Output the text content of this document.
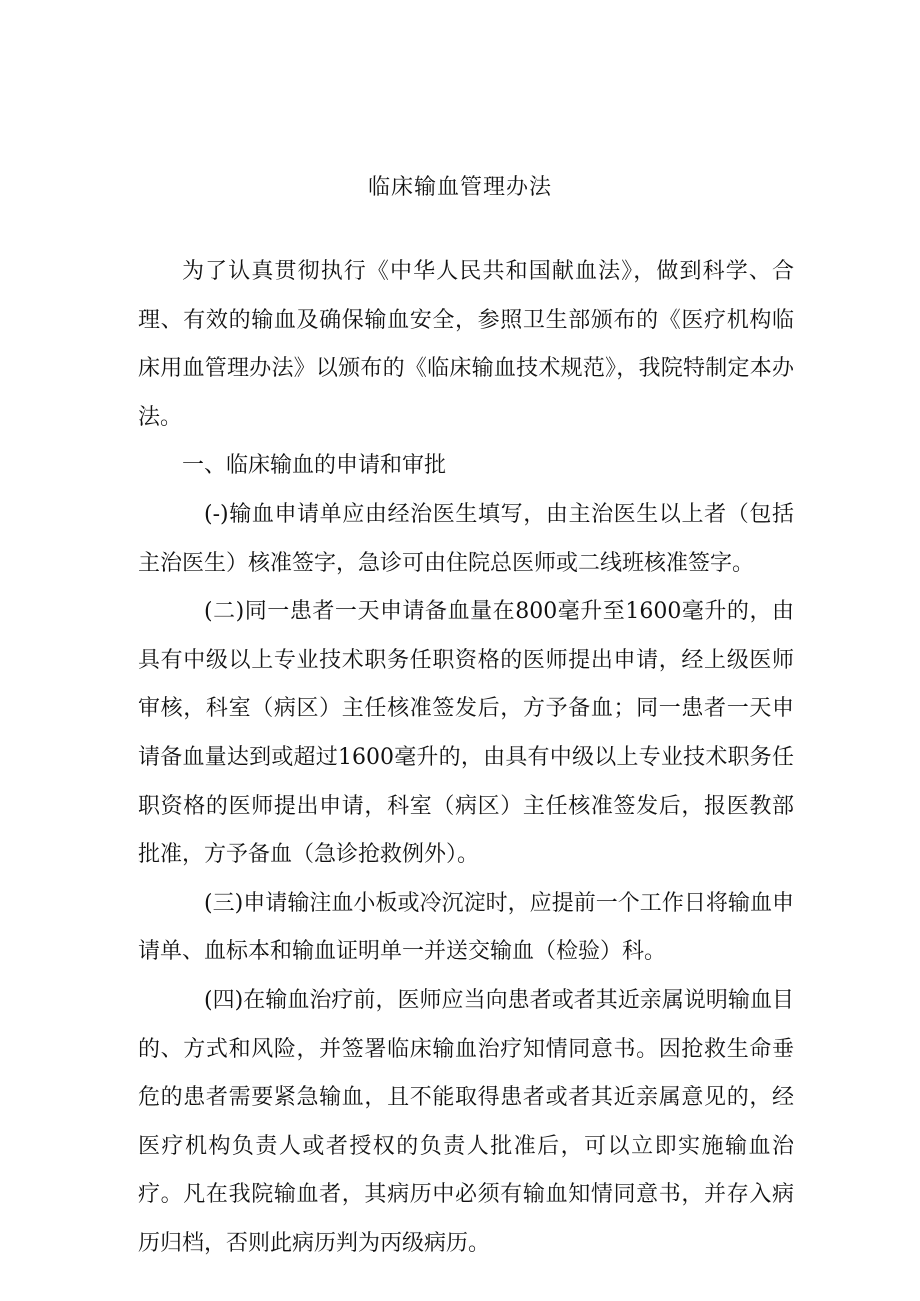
临床输血管理办法

为了认真贯彻执行《中华人民共和国献血法》，做到科学、合理、有效的输血及确保输血安全，参照卫生部颁布的《医疗机构临床用血管理办法》以颁布的《临床输血技术规范》，我院特制定本办法。

一、临床输血的申请和审批

(-)输血申请单应由经治医生填写，由主治医生以上者（包括主治医生）核准签字，急诊可由住院总医师或二线班核准签字。

(二)同一患者一天申请备血量在800毫升至1600毫升的，由具有中级以上专业技术职务任职资格的医师提出申请，经上级医师审核，科室（病区）主任核准签发后，方予备血；同一患者一天申请备血量达到或超过1600毫升的，由具有中级以上专业技术职务任职资格的医师提出申请，科室（病区）主任核准签发后，报医教部批准，方予备血（急诊抢救例外）。

(三)申请输注血小板或冷沉淀时，应提前一个工作日将输血申请单、血标本和输血证明单一并送交输血（检验）科。

(四)在输血治疗前，医师应当向患者或者其近亲属说明输血目的、方式和风险，并签署临床输血治疗知情同意书。因抢救生命垂危的患者需要紧急输血，且不能取得患者或者其近亲属意见的，经医疗机构负责人或者授权的负责人批准后，可以立即实施输血治疗。凡在我院输血者，其病历中必须有输血知情同意书，并存入病历归档，否则此病历判为丙级病历。
